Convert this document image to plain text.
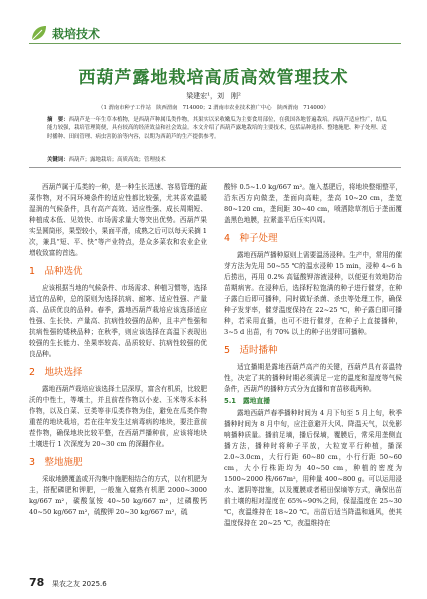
栽培技术
西葫芦露地栽培高质高效管理技术
梁建宏¹，刘　刚²
（1 渭南市种子工作站　陕西渭南　714000；2 渭南市农业技术推广中心　陕西渭南　714000）
摘　要：西葫芦是一年生草本植物，是西葫芦种属瓜类作物，其果实以采收嫩瓜为主要食用部位，在我国各地普遍栽培。西葫芦适应性广，结瓜能力较强，栽培管理简便，具有较高的经济效益和社会效益。本文介绍了西葫芦露地栽培的主要技术，包括品种选择、整地施肥、种子处理、适时播种、田间管理、病虫害防治等内容，以期为西葫芦的生产提供参考。
关键词：西葫芦；露地栽培；高质高效；管理技术

西葫芦属于瓜类的一种，是一种生长迅速、容易管理的蔬菜作物，对不同环境条件的适应性都比较强，尤其喜欢温暖湿润的气候条件，具有高产高效、适应性强、成长周期短、种植成本低、见效快、市场需求量大等突出优势。西葫芦果实呈圆筒形，果型较小，果面平滑，成熟之后可以每天采摘 1 次，兼具“短、平、快”等产业特点，是众多菜农和农业企业增收致富的首选。

1　品种选优

应该根据当地的气候条件、市场需求、种植习惯等，选择适宜的品种，总的原则为选择抗病、耐寒、适应性强、产量高、品质优良的品种。春季，露地西葫芦栽培应该选择适应性强、生长快、产量高、抗病性较强的品种，且丰产性强和抗病性强的矮秧品种；在秋季，则应该选择在高温下表现出较强的生长能力、坐果率较高、品质较好、抗病性较强的优良品种。

2　地块选择

露地西葫芦栽培应该选择土层深厚，富含有机质，比较肥沃的中性土，等壤土，并且前茬作物以小麦、玉米等禾本科作物，以及白菜、豆类等非瓜类作物为佳，避免在瓜类作物重茬的地块栽培，若在往年发生过病毒病的地块，要注意前茬作物，确保地块比较平整，在西葫芦播种前，应该将地块土壤进行 1 次深度为 20~30 cm 的深翻作业。

3　整地施肥

采取地膜覆盖或开沟集中施肥相结合的方式，以有机肥为主，搭配磷肥和钾肥，一般施入腐熟有机肥 2000~3000 kg/667 m²，碳酸氢铵 40~50 kg/667 m²，过磷酸钙 40~50 kg/667 m²，硫酸钾 20~30 kg/667 m²，硫

酸锌 0.5~1.0 kg/667 m²。施入基肥后，将地块整细整平，沿东西方向做垄，垄面向高畦，垄高 10~20 cm，垄宽 80~120 cm，垄间距 30~40 cm，喷洒除草剂后于垄面覆盖黑色地膜，拉紧盖平后压实四周。

4　种子处理

露地西葫芦播种原则上需要温汤浸种。生产中，常用的催芽方法为先用 50~55 ℃的温水浸种 15 min，浸种 4~6 h 后捞出，再用 0.2% 高锰酸钾溶液浸种，以便更有效地防治苗期病害。在浸种后，选择籽粒饱满的种子进行催芽，在种子露白后即可播种，同时做好杀菌、杀虫等处理工作，确保种子发芽率，催芽温度保持在 22~25 ℃，种子露白即可播种，若采用直播，也可不进行催芽，在种子上直接播种，3~5 d 出苗，有 70% 以上的种子出芽即可播种。

5　适时播种

适宜播期是露地西葫芦高产的关键，西葫芦具有喜温特性，决定了其的播种时期必须满足一定的温度和湿度等气候条件，西葫芦的播种方式分为直播和育苗移栽两种。

5.1　露地直播

露地西葫芦春季播种时间为 4 月下旬至 5 月上旬，秋季播种时间为 8 月中旬，应注意避开大风、降温天气，以免影响播种质量。播前足墒，播后保墒，覆膜后，常采用垄侧直播方法，播种时将种子平放，大粒宽平行种植，播深 2.0~3.0cm，大行行距 60~80 cm，小行行距 50~60 cm，大小行株距均为 40~50 cm，种植的密度为 1500~2000 株/667m²，用种量 400~800 g。可以运用浸水、遮阴等措施，以及覆膜或者稻田保墒等方式，确保出苗前土壤的相对湿度在 65%~90%之间，保湿温度在 25~30 ℃，夜温维持在 18~20 ℃。出苗后适当降温和通风，使其温度保持在 20~25 ℃，夜温维持在

78 果农之友 2025.6
